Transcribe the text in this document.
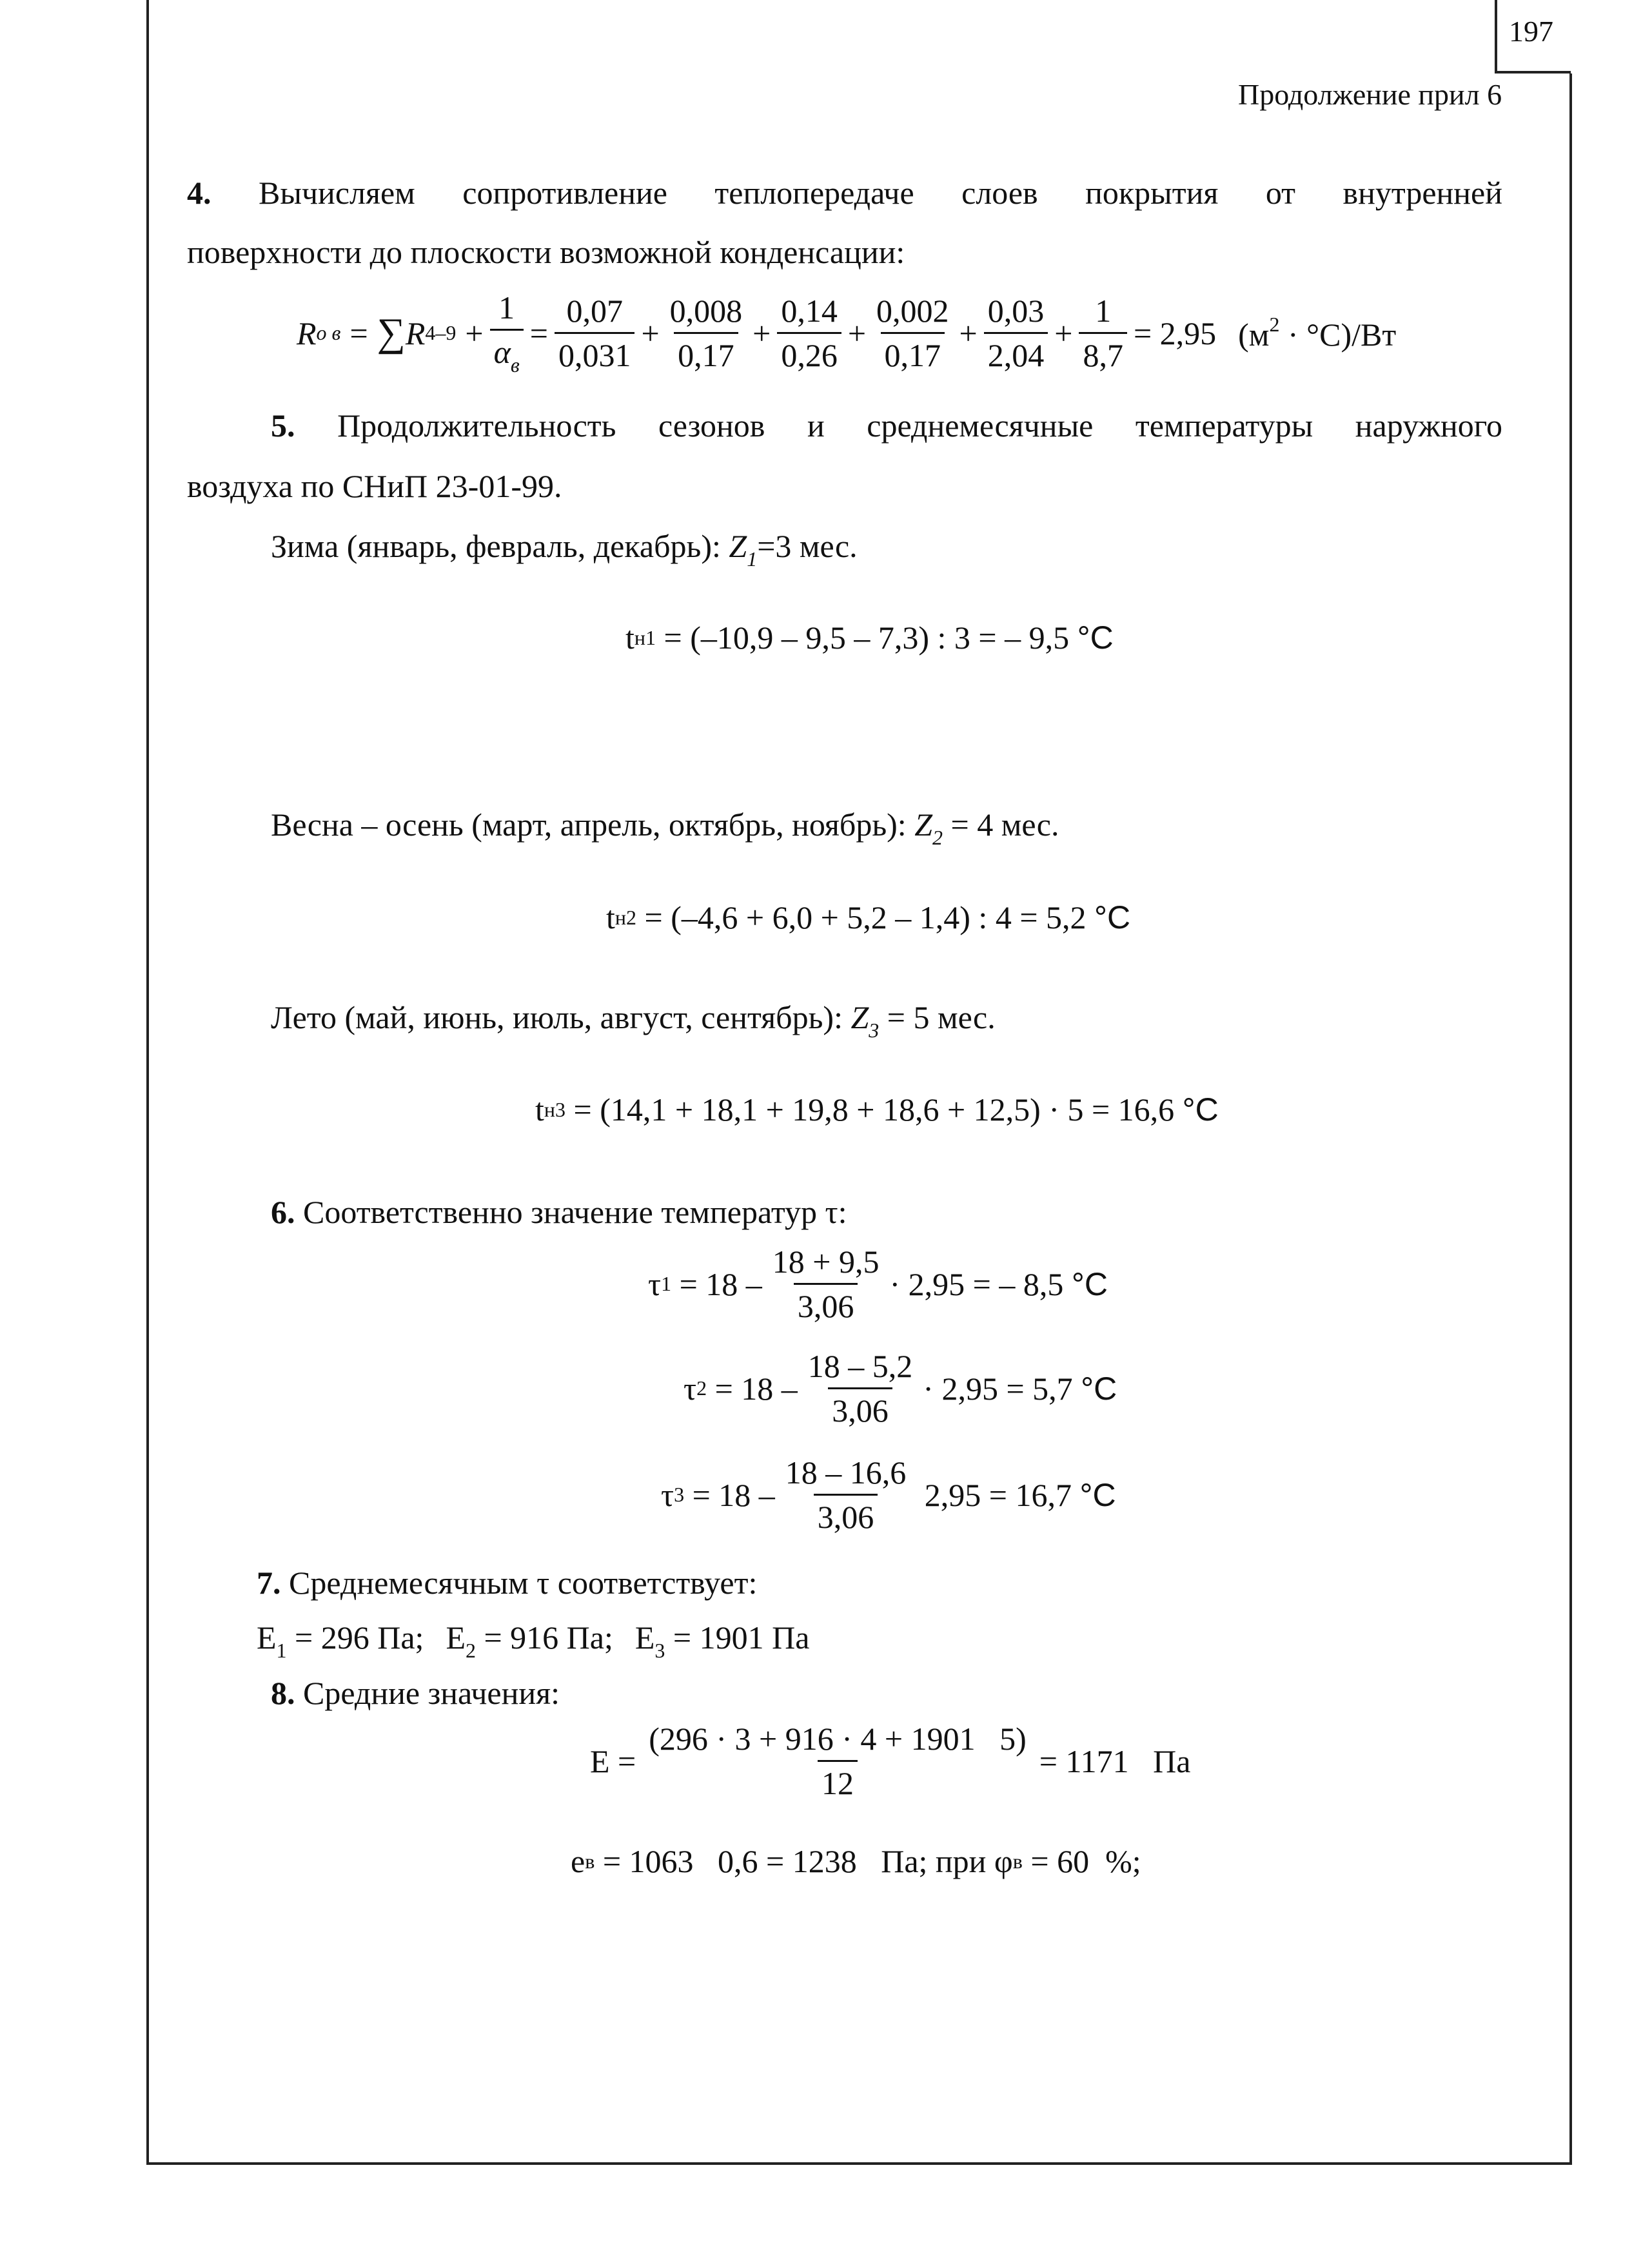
197
Продолжение прил 6
4. Вычисляем сопротивление теплопередаче слоев покрытия от внутренней
поверхности до плоскости возможной конденсации:
R о в = ∑ R $4-9 + \frac{1}{\alpha_в} = \frac{0,07}{0,031} + \frac{0,008}{0,17} + \frac{0,14}{0,26} + \frac{0,002}{0,17} + \frac{0,03}{2,04} + \frac{1}{8,7} = 2,95$ $(м^2 \cdot ^\circ C)/Вт$
5. Продолжительность сезонов и среднемесячные температуры наружного
воздуха по СНиП 23-01-99.
Зима (январь, февраль, декабрь): $Z_1=3$ мес.
t н1 = (–10,9 – 9,5 – 7,3) : 3 = – 9,5 °C
Весна – осень (март, апрель, октябрь, ноябрь): $Z_2 = 4$ мес.
t н2 = (–4,6 + 6,0 + 5,2 – 1,4) : 4 = 5,2 °C
Лето (май, июнь, июль, август, сентябрь): $Z_3 = 5$ мес.
t н3 = (14,1 + 18,1 + 19,8 + 18,6 + 12,5) · 5 = 16,6 °C
6. Соответственно значение температур τ:
τ $1 = 18 - \frac{18 + 9,5}{3,06} \cdot 2,95$ = – 8,5 °C
τ $2 = 18 - \frac{18 - 5,2}{3,06} \cdot 2,95 = 5,7$ °C
τ $3 = 18 - \frac{18 - 16,6}{3,06} 2,95 = 16,7$ °C
7. Среднемесячным τ соответствует:
$E_1 = 296$ Па; $E_2 = 916$ Па; $E_3 = 1901$ Па
8. Средние значения:
$E = \frac{(296 \cdot 3 + 916 \cdot 4 + 1901 5)}{12} = 1171$   Па
e в = 1063   0,6 = 1238   Па; при φ в = 60  %;
